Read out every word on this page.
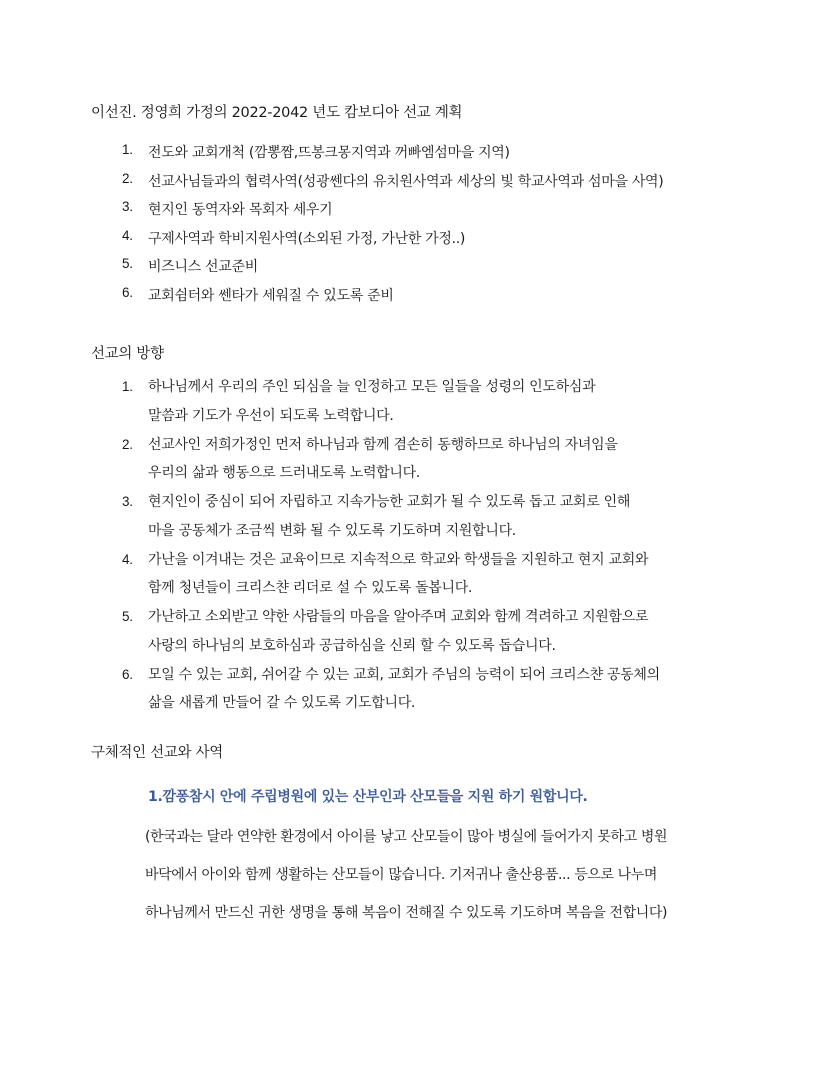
이선진. 정영희 가정의 2022-2042 년도 캄보디아 선교 계획
1. 전도와 교회개척 (깜뽕짬,뜨봉크몽지역과 꺼빠엠섬마을 지역)
2. 선교사님들과의 협력사역(성광쎈다의 유치원사역과 세상의 빛 학교사역과 섬마을 사역)
3. 현지인 동역자와 목회자 세우기
4. 구제사역과 학비지원사역(소외된 가정, 가난한 가정..)
5. 비즈니스 선교준비
6. 교회쉼터와 쎈타가 세워질 수 있도록 준비
선교의 방향
1. 하나님께서 우리의 주인 되심을 늘 인정하고 모든 일들을 성령의 인도하심과
말씀과 기도가 우선이 되도록 노력합니다.
2. 선교사인 저희가정인 먼저 하나님과 함께 겸손히 동행하므로 하나님의 자녀임을
우리의 삶과 행동으로 드러내도록 노력합니다.
3. 현지인이 중심이 되어 자립하고 지속가능한 교회가 될 수 있도록 돕고 교회로 인해
마을 공동체가 조금씩 변화 될 수 있도록 기도하며 지원합니다.
4. 가난을 이겨내는 것은 교육이므로 지속적으로 학교와 학생들을 지원하고 현지 교회와
함께 청년들이 크리스챤 리더로 설 수 있도록 돌봅니다.
5. 가난하고 소외받고 약한 사람들의 마음을 알아주며 교회와 함께 격려하고 지원함으로
사랑의 하나님의 보호하심과 공급하심을 신뢰 할 수 있도록 돕습니다.
6. 모일 수 있는 교회, 쉬어갈 수 있는 교회, 교회가 주님의 능력이 되어 크리스챤 공동체의
삶을 새롭게 만들어 갈 수 있도록 기도합니다.
구체적인 선교와 사역
1.깜퐁참시 안에 주립병원에 있는 산부인과 산모들을 지원 하기 원합니다.
(한국과는 달라 연약한 환경에서 아이를 낳고 산모들이 많아 병실에 들어가지 못하고 병원
바닥에서 아이와 함께 생활하는 산모들이 많습니다. 기저귀나 출산용품... 등으로 나누며
하나님께서 만드신 귀한 생명을 통해 복음이 전해질 수 있도록 기도하며 복음을 전합니다)
